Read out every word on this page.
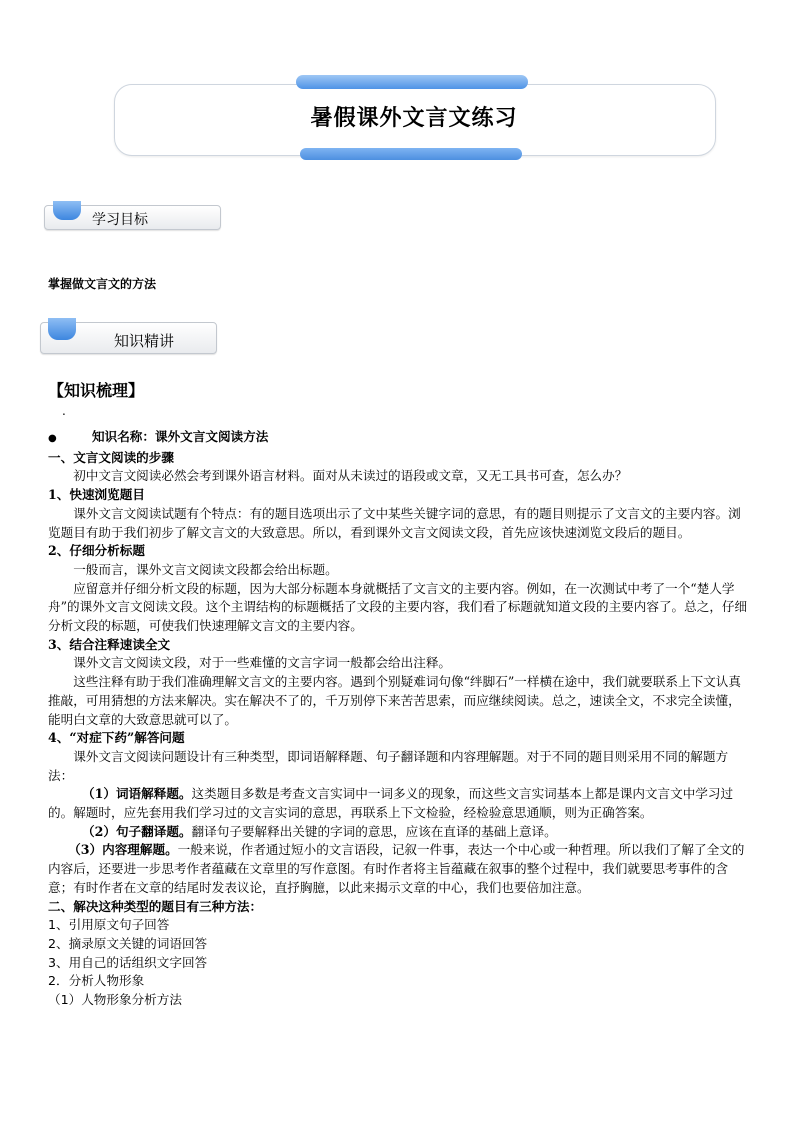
暑假课外文言文练习
学习目标
掌握做文言文的方法
知识精讲
【知识梳理】
.

●	知识名称：课外文言文阅读方法

一、文言文阅读的步骤

初中文言文阅读必然会考到课外语言材料。面对从未读过的语段或文章，又无工具书可查，怎么办？

1、快速浏览题目

课外文言文阅读试题有个特点：有的题目选项出示了文中某些关键字词的意思，有的题目则提示了文言文的主要内容。浏览题目有助于我们初步了解文言文的大致意思。所以，看到课外文言文阅读文段，首先应该快速浏览文段后的题目。

2、仔细分析标题

一般而言，课外文言文阅读文段都会给出标题。

应留意并仔细分析文段的标题，因为大部分标题本身就概括了文言文的主要内容。例如，在一次测试中考了一个“楚人学舟”的课外文言文阅读文段。这个主谓结构的标题概括了文段的主要内容，我们看了标题就知道文段的主要内容了。总之，仔细分析文段的标题，可使我们快速理解文言文的主要内容。

3、结合注释速读全文

课外文言文阅读文段，对于一些难懂的文言字词一般都会给出注释。

这些注释有助于我们准确理解文言文的主要内容。遇到个别疑难词句像“绊脚石”一样横在途中，我们就要联系上下文认真推敲，可用猜想的方法来解决。实在解决不了的，千万别停下来苦苦思索，而应继续阅读。总之，速读全文，不求完全读懂，能明白文章的大致意思就可以了。

4、“对症下药”解答问题

课外文言文阅读问题设计有三种类型，即词语解释题、句子翻译题和内容理解题。对于不同的题目则采用不同的解题方法：

（1）词语解释题。这类题目多数是考查文言实词中一词多义的现象，而这些文言实词基本上都是课内文言文中学习过的。解题时，应先套用我们学习过的文言实词的意思，再联系上下文检验，经检验意思通顺，则为正确答案。

（2）句子翻译题。翻译句子要解释出关键的字词的意思，应该在直译的基础上意译。

（3）内容理解题。一般来说，作者通过短小的文言语段，记叙一件事，表达一个中心或一种哲理。所以我们了解了全文的内容后，还要进一步思考作者蕴藏在文章里的写作意图。有时作者将主旨蕴藏在叙事的整个过程中，我们就要思考事件的含意；有时作者在文章的结尾时发表议论，直抒胸臆，以此来揭示文章的中心，我们也要倍加注意。

二、解决这种类型的题目有三种方法：

1、引用原文句子回答

2、摘录原文关键的词语回答

3、用自己的话组织文字回答

2．分析人物形象

（1）人物形象分析方法
